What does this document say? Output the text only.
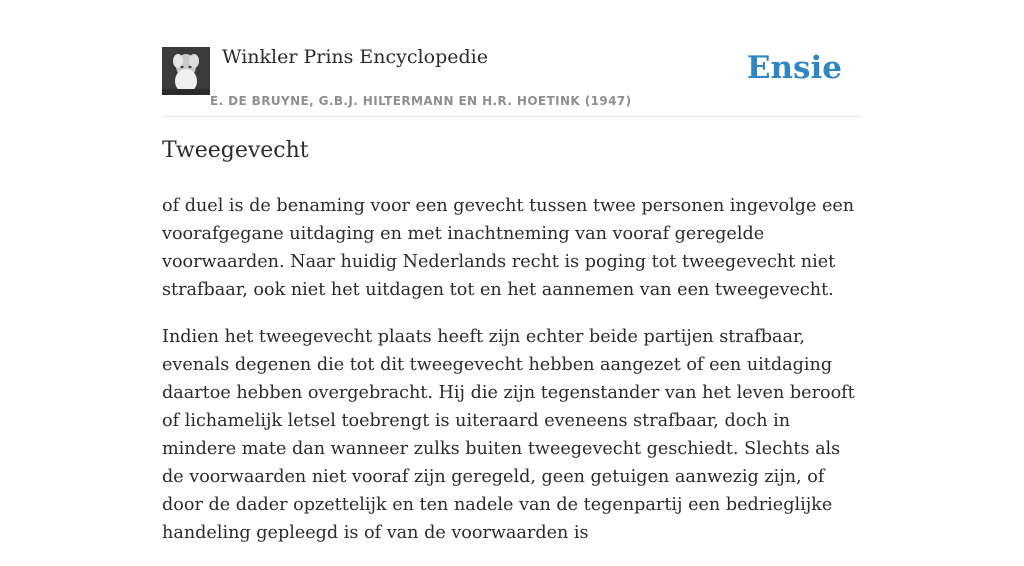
Winkler Prins Encyclopedie
E. DE BRUYNE, G.B.J. HILTERMANN EN H.R. HOETINK (1947)
Ensie
Tweegevecht

of duel is de benaming voor een gevecht tussen twee personen ingevolge een voorafgegane uitdaging en met inachtneming van vooraf geregelde voorwaarden. Naar huidig Nederlands recht is poging tot tweegevecht niet strafbaar, ook niet het uitdagen tot en het aannemen van een tweegevecht.

Indien het tweegevecht plaats heeft zijn echter beide partijen strafbaar, evenals degenen die tot dit tweegevecht hebben aangezet of een uitdaging daartoe hebben overgebracht. Hij die zijn tegenstander van het leven berooft of lichamelijk letsel toebrengt is uiteraard eveneens strafbaar, doch in mindere mate dan wanneer zulks buiten tweegevecht geschiedt. Slechts als de voorwaarden niet vooraf zijn geregeld, geen getuigen aanwezig zijn, of door de dader opzettelijk en ten nadele van de tegenpartij een bedrieglijke handeling gepleegd is of van de voorwaarden is
